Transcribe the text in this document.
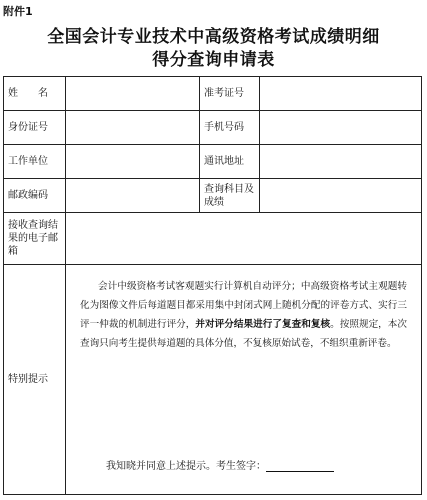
附件1
全国会计专业技术中高级资格考试成绩明细
得分查询申请表
姓　　名		准考证号	
身份证号		手机号码	
工作单位		通讯地址	
邮政编码		查询科目及成绩	
接收查询结果的电子邮箱			
特别提示	会计中级资格考试客观题实行计算机自动评分；中高级资格考试主观题转化为图像文件后每道题目都采用集中封闭式网上随机分配的评卷方式、实行三评一仲裁的机制进行评分，并对评分结果进行了复查和复核。按照规定，本次查询只向考生提供每道题的具体分值，不复核原始试卷，不组织重新评卷。

我知晓并同意上述提示。考生签字：		
